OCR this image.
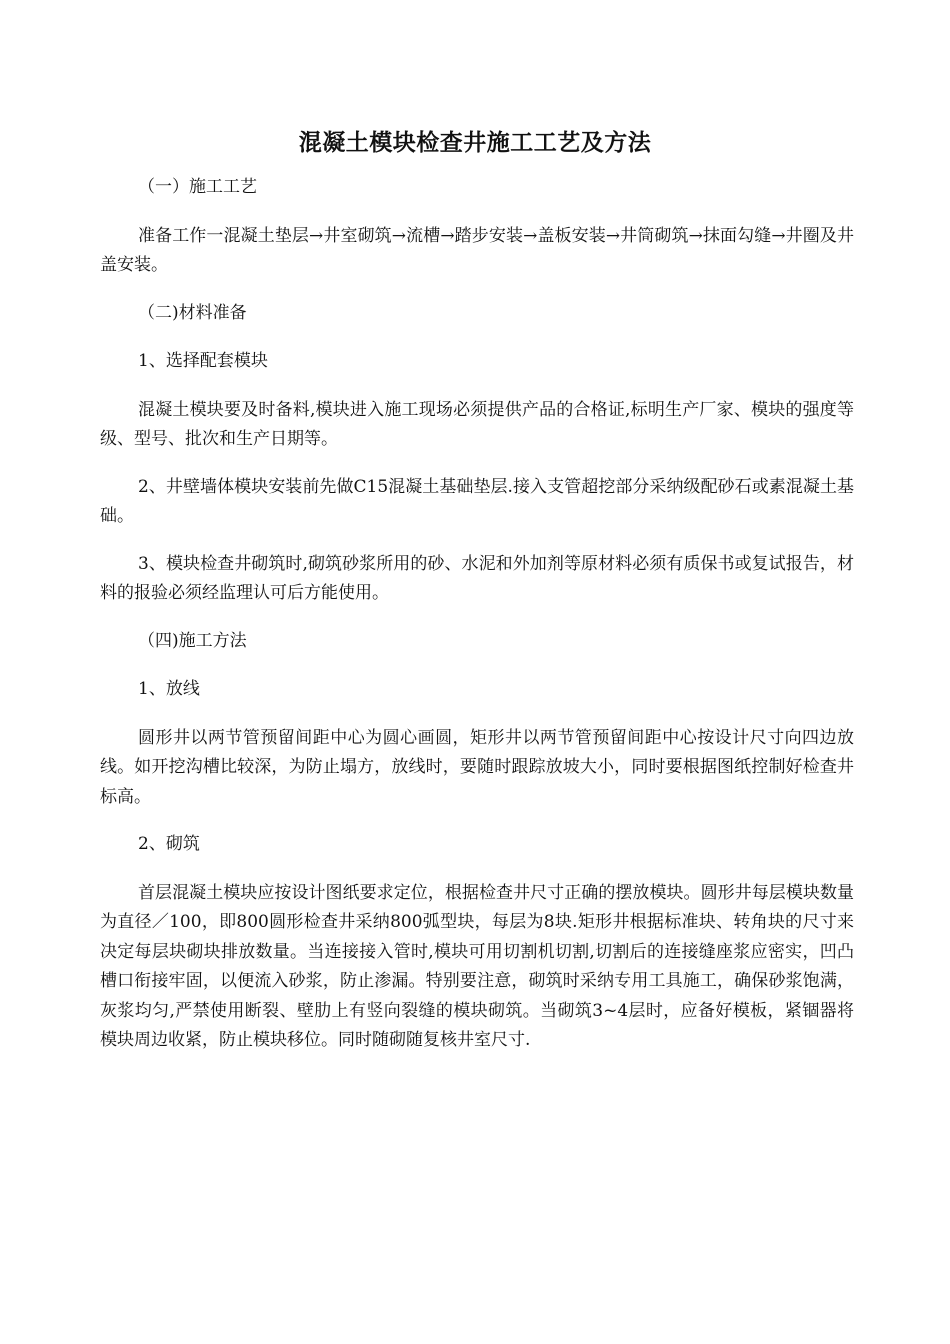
混凝土模块检查井施工工艺及方法

（一）施工工艺

准备工作一混凝土垫层→井室砌筑→流槽→踏步安装→盖板安装→井筒砌筑→抹面勾缝→井圈及井盖安装。

（二)材料准备

1、选择配套模块

混凝土模块要及时备料,模块进入施工现场必须提供产品的合格证,标明生产厂家、模块的强度等级、型号、批次和生产日期等。

2、井壁墙体模块安装前先做C15混凝土基础垫层.接入支管超挖部分采纳级配砂石或素混凝土基础。

3、模块检查井砌筑时,砌筑砂浆所用的砂、水泥和外加剂等原材料必须有质保书或复试报告，材料的报验必须经监理认可后方能使用。

（四)施工方法

1、放线

圆形井以两节管预留间距中心为圆心画圆，矩形井以两节管预留间距中心按设计尺寸向四边放线。如开挖沟槽比较深，为防止塌方，放线时，要随时跟踪放坡大小，同时要根据图纸控制好检查井标高。

2、砌筑

首层混凝土模块应按设计图纸要求定位，根据检查井尺寸正确的摆放模块。圆形井每层模块数量为直径／100，即800圆形检查井采纳800弧型块，每层为8块.矩形井根据标准块、转角块的尺寸来决定每层块砌块排放数量。当连接接入管时,模块可用切割机切割,切割后的连接缝座浆应密实，凹凸槽口衔接牢固，以便流入砂浆，防止渗漏。特别要注意，砌筑时采纳专用工具施工，确保砂浆饱满，灰浆均匀,严禁使用断裂、壁肋上有竖向裂缝的模块砌筑。当砌筑3~4层时，应备好模板，紧锢器将模块周边收紧，防止模块移位。同时随砌随复核井室尺寸.
